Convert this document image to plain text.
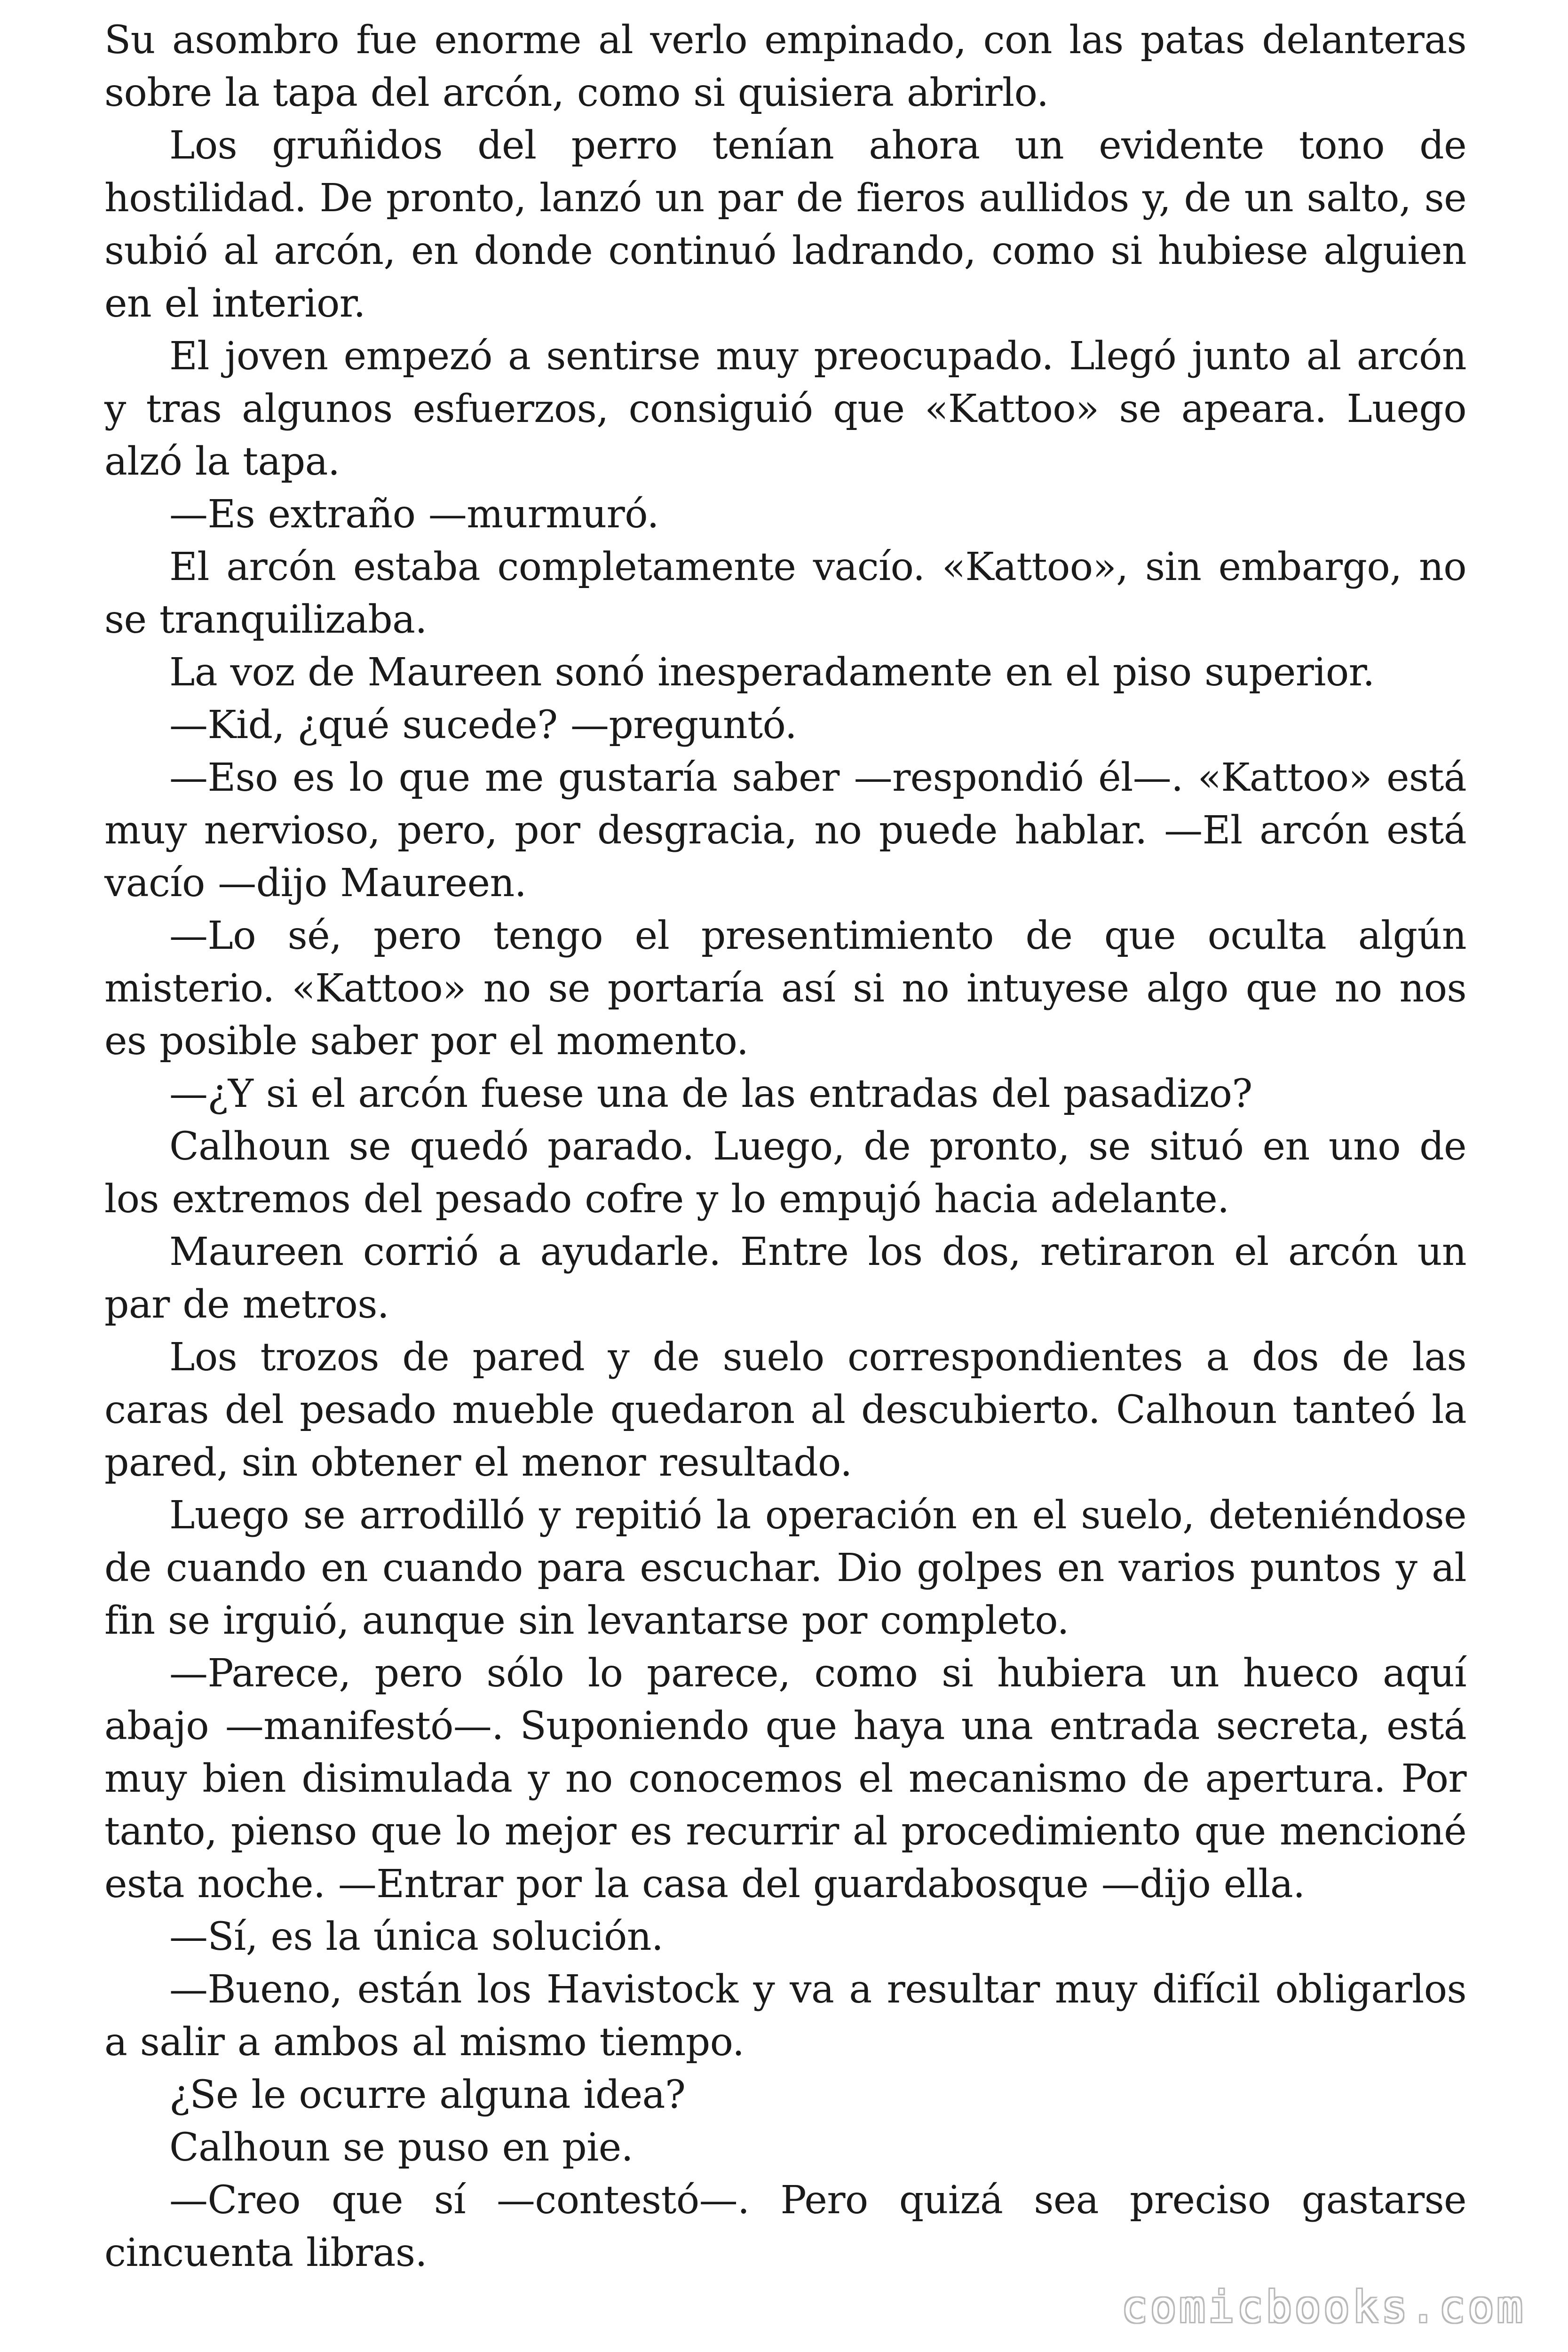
Su asombro fue enorme al verlo empinado, con las patas delanteras sobre la tapa del arcón, como si quisiera abrirlo.

Los gruñidos del perro tenían ahora un evidente tono de hostilidad. De pronto, lanzó un par de fieros aullidos y, de un salto, se subió al arcón, en donde continuó ladrando, como si hubiese alguien en el interior.

El joven empezó a sentirse muy preocupado. Llegó junto al arcón y tras algunos esfuerzos, consiguió que «Kattoo» se apeara. Luego alzó la tapa.

—Es extraño —murmuró.

El arcón estaba completamente vacío. «Kattoo», sin embargo, no se tranquilizaba.

La voz de Maureen sonó inesperadamente en el piso superior.

—Kid, ¿qué sucede? —preguntó.

—Eso es lo que me gustaría saber —respondió él—. «Kattoo» está muy nervioso, pero, por desgracia, no puede hablar. —El arcón está vacío —dijo Maureen.

—Lo sé, pero tengo el presentimiento de que oculta algún misterio. «Kattoo» no se portaría así si no intuyese algo que no nos es posible saber por el momento.

—¿Y si el arcón fuese una de las entradas del pasadizo?

Calhoun se quedó parado. Luego, de pronto, se situó en uno de los extremos del pesado cofre y lo empujó hacia adelante.

Maureen corrió a ayudarle. Entre los dos, retiraron el arcón un par de metros.

Los trozos de pared y de suelo correspondientes a dos de las caras del pesado mueble quedaron al descubierto. Calhoun tanteó la pared, sin obtener el menor resultado.

Luego se arrodilló y repitió la operación en el suelo, deteniéndose de cuando en cuando para escuchar. Dio golpes en varios puntos y al fin se irguió, aunque sin levantarse por completo.

—Parece, pero sólo lo parece, como si hubiera un hueco aquí abajo —manifestó—. Suponiendo que haya una entrada secreta, está muy bien disimulada y no conocemos el mecanismo de apertura. Por tanto, pienso que lo mejor es recurrir al procedimiento que mencioné esta noche. —Entrar por la casa del guardabosque —dijo ella.

—Sí, es la única solución.

—Bueno, están los Havistock y va a resultar muy difícil obligarlos a salir a ambos al mismo tiempo.

¿Se le ocurre alguna idea?

Calhoun se puso en pie.

—Creo que sí —contestó—. Pero quizá sea preciso gastarse cincuenta libras.

comicbooks.com
